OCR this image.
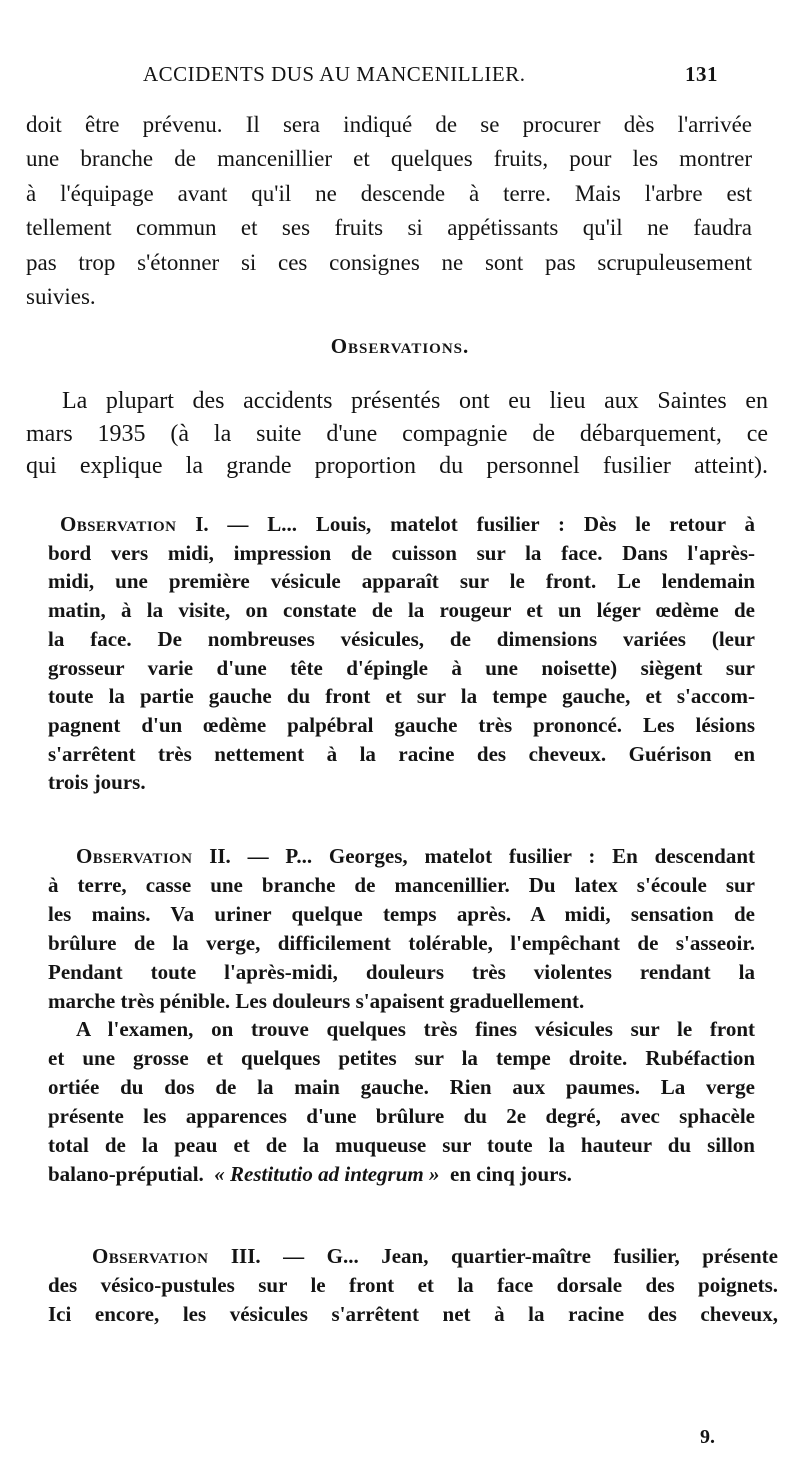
ACCIDENTS DUS AU MANCENILLIER.	131
doit être prévenu. Il sera indiqué de se procurer dès l'arrivée
une branche de mancenillier et quelques fruits, pour les montrer
à l'équipage avant qu'il ne descende à terre. Mais l'arbre est
tellement commun et ses fruits si appétissants qu'il ne faudra
pas trop s'étonner si ces consignes ne sont pas scrupuleusement
suivies.
Observations.
La plupart des accidents présentés ont eu lieu aux Saintes en
mars 1935 (à la suite d'une compagnie de débarquement, ce
qui explique la grande proportion du personnel fusilier atteint).
Observation I. — L... Louis, matelot fusilier : Dès le retour à
bord vers midi, impression de cuisson sur la face. Dans l'après-
midi, une première vésicule apparaît sur le front. Le lendemain
matin, à la visite, on constate de la rougeur et un léger œdème de
la face. De nombreuses vésicules, de dimensions variées (leur
grosseur varie d'une tête d'épingle à une noisette) siègent sur
toute la partie gauche du front et sur la tempe gauche, et s'accom-
pagnent d'un œdème palpébral gauche très prononcé. Les lésions
s'arrêtent très nettement à la racine des cheveux. Guérison en
trois jours.
Observation II. — P... Georges, matelot fusilier : En descendant
à terre, casse une branche de mancenillier. Du latex s'écoule sur
les mains. Va uriner quelque temps après. A midi, sensation de
brûlure de la verge, difficilement tolérable, l'empêchant de s'asseoir.
Pendant toute l'après-midi, douleurs très violentes rendant la
marche très pénible. Les douleurs s'apaisent graduellement.
A l'examen, on trouve quelques très fines vésicules sur le front
et une grosse et quelques petites sur la tempe droite. Rubéfaction
ortiée du dos de la main gauche. Rien aux paumes. La verge
présente les apparences d'une brûlure du 2e degré, avec sphacèle
total de la peau et de la muqueuse sur toute la hauteur du sillon
balano-préputial. « Restitutio ad integrum » en cinq jours.
Observation III. — G... Jean, quartier-maître fusilier, présente
des vésico-pustules sur le front et la face dorsale des poignets.
Ici encore, les vésicules s'arrêtent net à la racine des cheveux,
9.
